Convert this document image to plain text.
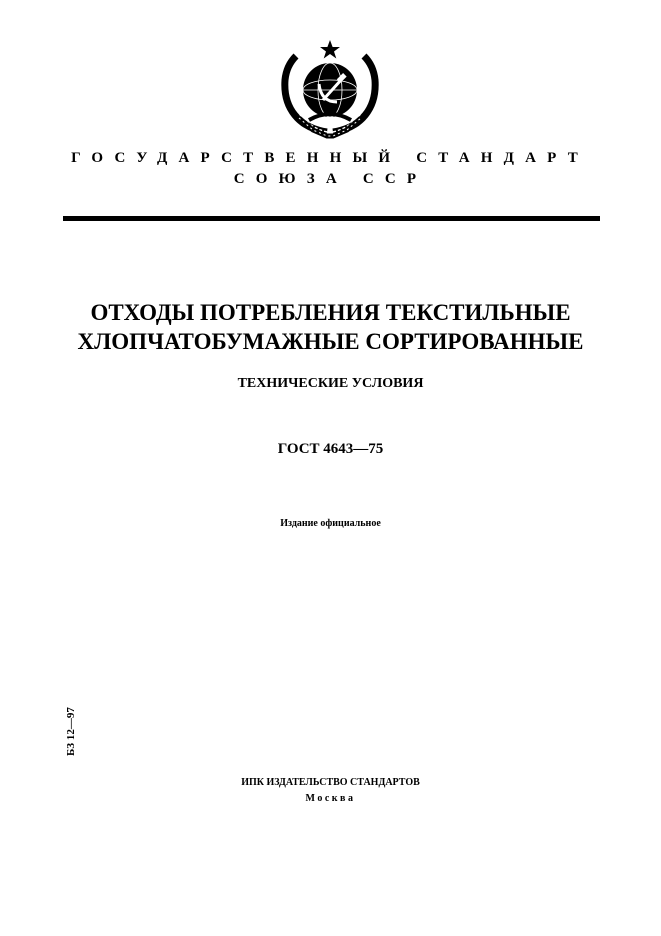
ГОСУДАРСТВЕННЫЙ СТАНДАРТ
СОЮЗА ССР
ОТХОДЫ ПОТРЕБЛЕНИЯ ТЕКСТИЛЬНЫЕ
ХЛОПЧАТОБУМАЖНЫЕ СОРТИРОВАННЫЕ
ТЕХНИЧЕСКИЕ УСЛОВИЯ
ГОСТ 4643—75
Издание официальное
БЗ 12—97
ИПК ИЗДАТЕЛЬСТВО СТАНДАРТОВ
Москва
